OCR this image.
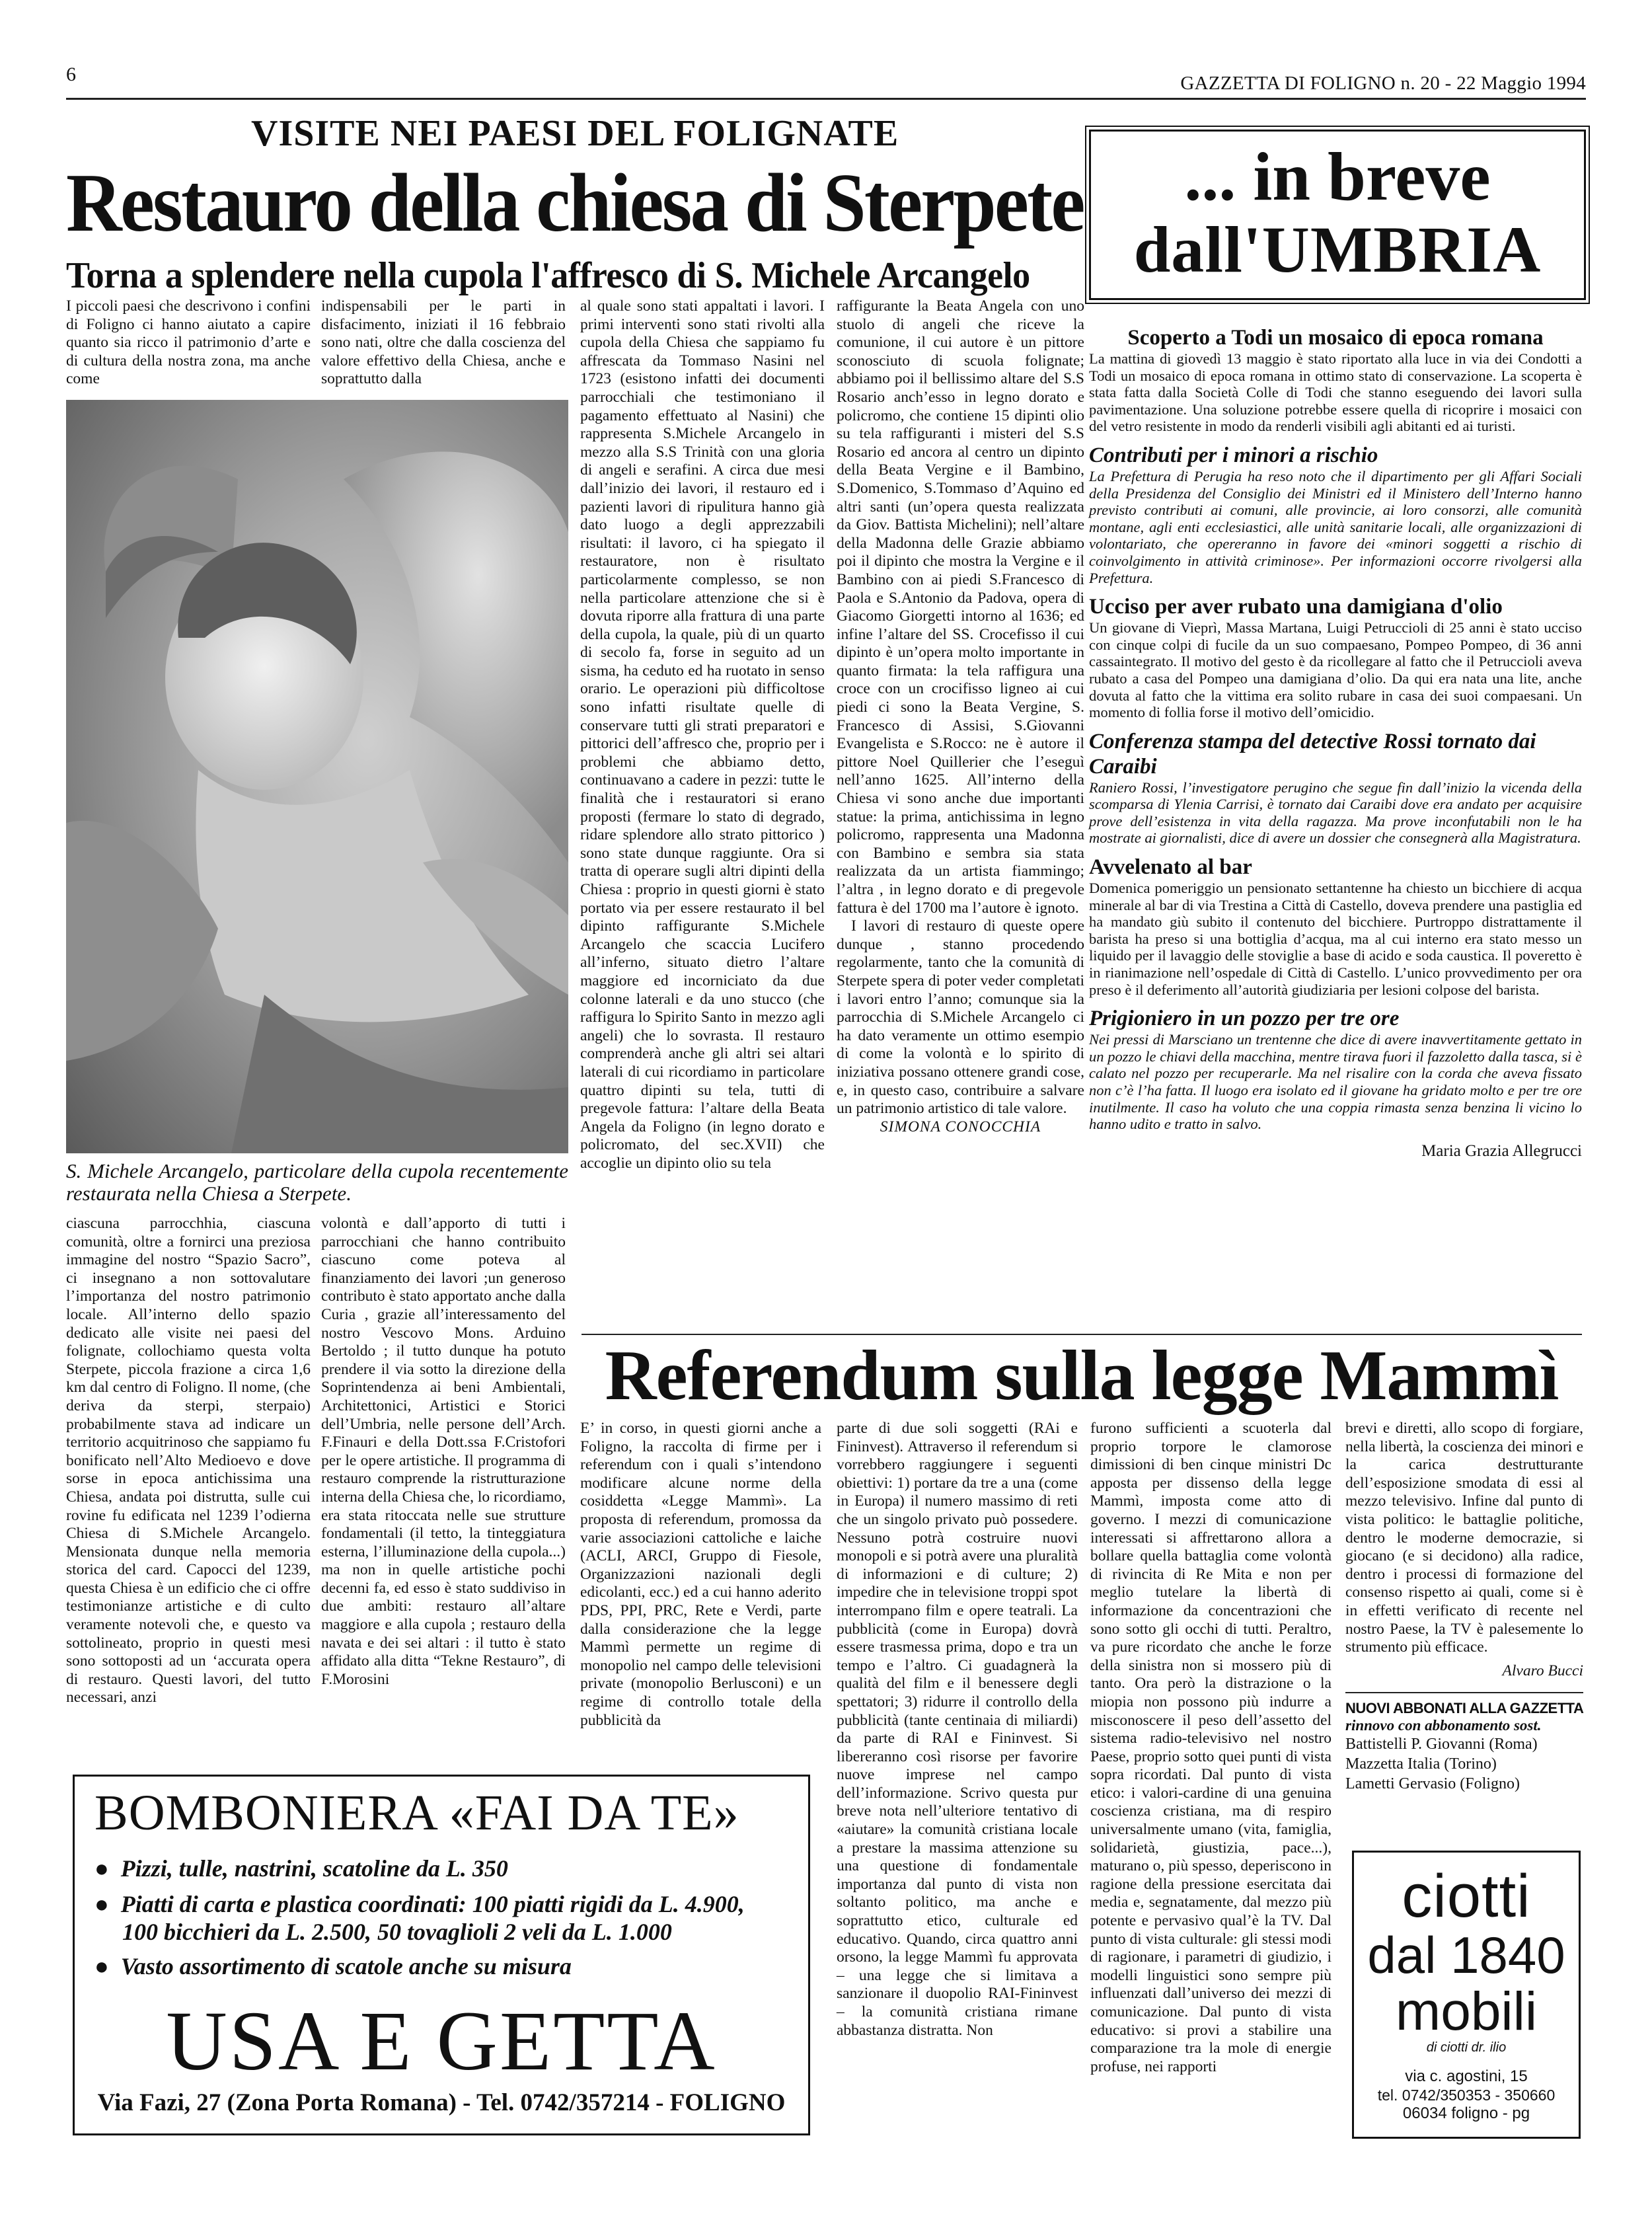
6	GAZZETTA DI FOLIGNO n. 20 - 22 Maggio 1994
VISITE NEI PAESI DEL FOLIGNATE
Restauro della chiesa di Sterpete
Torna a splendere nella cupola l'affresco di S. Michele Arcangelo

I piccoli paesi che descrivono i confini di Foligno ci hanno aiutato a capire quanto sia ricco il patrimonio d’arte e di cultura della nostra zona, ma anche come

indispensabili per le parti in disfacimento, iniziati il 16 febbraio sono nati, oltre che dalla coscienza del valore effettivo della Chiesa, anche e soprattutto dalla

S. Michele Arcangelo, particolare della cupola recentemente restaurata nella Chiesa a Sterpete.

ciascuna parrocchhia, ciascuna comunità, oltre a fornirci una preziosa immagine del nostro “Spazio Sacro”, ci insegnano a non sottovalutare l’importanza del nostro patrimonio locale. All’interno dello spazio dedicato alle visite nei paesi del folignate, collochiamo questa volta Sterpete, piccola frazione a circa 1,6 km dal centro di Foligno. Il nome, (che deriva da sterpi, sterpaio) probabilmente stava ad indicare un territorio acquitrinoso che sappiamo fu bonificato nell’Alto Medioevo e dove sorse in epoca antichissima una Chiesa, andata poi distrutta, sulle cui rovine fu edificata nel 1239 l’odierna Chiesa di S.Michele Arcangelo. Mensionata dunque nella memoria storica del card. Capocci del 1239, questa Chiesa è un edificio che ci offre testimonianze artistiche e di culto veramente notevoli che, e questo va sottolineato, proprio in questi mesi sono sottoposti ad un ‘accurata opera di restauro. Questi lavori, del tutto necessari, anzi

volontà e dall’apporto di tutti i parrocchiani che hanno contribuito ciascuno come poteva al finanziamento dei lavori ;un generoso contributo è stato apportato anche dalla Curia , grazie all’interessamento del nostro Vescovo Mons. Arduino Bertoldo ; il tutto dunque ha potuto prendere il via sotto la direzione della Soprintendenza ai beni Ambientali, Architettonici, Artistici e Storici dell’Umbria, nelle persone dell’Arch. F.Finauri e della Dott.ssa F.Cristofori per le opere artistiche. Il programma di restauro comprende la ristrutturazione interna della Chiesa che, lo ricordiamo, era stata ritoccata nelle sue strutture fondamentali (il tetto, la tinteggiatura esterna, l’illuminazione della cupola...) ma non in quelle artistiche pochi decenni fa, ed esso è stato suddiviso in due ambiti: restauro all’altare maggiore e alla cupola ; restauro della navata e dei sei altari : il tutto è stato affidato alla ditta “Tekne Restauro”, di F.Morosini

al quale sono stati appaltati i lavori. I primi interventi sono stati rivolti alla cupola della Chiesa che sappiamo fu affrescata da Tommaso Nasini nel 1723 (esistono infatti dei documenti parrocchiali che testimoniano il pagamento effettuato al Nasini) che rappresenta S.Michele Arcangelo in mezzo alla S.S Trinità con una gloria di angeli e serafini. A circa due mesi dall’inizio dei lavori, il restauro ed i pazienti lavori di ripulitura hanno già dato luogo a degli apprezzabili risultati: il lavoro, ci ha spiegato il restauratore, non è risultato particolarmente complesso, se non nella particolare attenzione che si è dovuta riporre alla frattura di una parte della cupola, la quale, più di un quarto di secolo fa, forse in seguito ad un sisma, ha ceduto ed ha ruotato in senso orario. Le operazioni più difficoltose sono infatti risultate quelle di conservare tutti gli strati preparatori e pittorici dell’affresco che, proprio per i problemi che abbiamo detto, continuavano a cadere in pezzi: tutte le finalità che i restauratori si erano proposti (fermare lo stato di degrado, ridare splendore allo strato pittorico ) sono state dunque raggiunte. Ora si tratta di operare sugli altri dipinti della Chiesa : proprio in questi giorni è stato portato via per essere restaurato il bel dipinto raffigurante S.Michele Arcangelo che scaccia Lucifero all’inferno, situato dietro l’altare maggiore ed incorniciato da due colonne laterali e da uno stucco (che raffigura lo Spirito Santo in mezzo agli angeli) che lo sovrasta. Il restauro comprenderà anche gli altri sei altari laterali di cui ricordiamo in particolare quattro dipinti su tela, tutti di pregevole fattura: l’altare della Beata Angela da Foligno (in legno dorato e policromato, del sec.XVII) che accoglie un dipinto olio su tela

raffigurante la Beata Angela con uno stuolo di angeli che riceve la comunione, il cui autore è un pittore sconosciuto di scuola folignate; abbiamo poi il bellissimo altare del S.S Rosario anch’esso in legno dorato e policromo, che contiene 15 dipinti olio su tela raffiguranti i misteri del S.S Rosario ed ancora al centro un dipinto della Beata Vergine e il Bambino, S.Domenico, S.Tommaso d’Aquino ed altri santi (un’opera questa realizzata da Giov. Battista Michelini); nell’altare della Madonna delle Grazie abbiamo poi il dipinto che mostra la Vergine e il Bambino con ai piedi S.Francesco di Paola e S.Antonio da Padova, opera di Giacomo Giorgetti intorno al 1636; ed infine l’altare del SS. Crocefisso il cui dipinto è un’opera molto importante in quanto firmata: la tela raffigura una croce con un crocifisso ligneo ai cui piedi ci sono la Beata Vergine, S. Francesco di Assisi, S.Giovanni Evangelista e S.Rocco: ne è autore il pittore Noel Quillerier che l’eseguì nell’anno 1625. All’interno della Chiesa vi sono anche due importanti statue: la prima, antichissima in legno policromo, rappresenta una Madonna con Bambino e sembra sia stata realizzata da un artista fiammingo; l’altra , in legno dorato e di pregevole fattura è del 1700 ma l’autore è ignoto.

I lavori di restauro di queste opere dunque , stanno procedendo regolarmente, tanto che la comunità di Sterpete spera di poter veder completati i lavori entro l’anno; comunque sia la parrocchia di S.Michele Arcangelo ci ha dato veramente un ottimo esempio di come la volontà e lo spirito di iniziativa possano ottenere grandi cose, e, in questo caso, contribuire a salvare un patrimonio artistico di tale valore.

SIMONA CONOCCHIA

... in breve
dall'UMBRIA
Scoperto a Todi un mosaico di epoca romana

La mattina di giovedì 13 maggio è stato riportato alla luce in via dei Condotti a Todi un mosaico di epoca romana in ottimo stato di conservazione. La scoperta è stata fatta dalla Società Colle di Todi che stanno eseguendo dei lavori sulla pavimentazione. Una soluzione potrebbe essere quella di ricoprire i mosaici con del vetro resistente in modo da renderli visibili agli abitanti ed ai turisti.

Contributi per i minori a rischio

La Prefettura di Perugia ha reso noto che il dipartimento per gli Affari Sociali della Presidenza del Consiglio dei Ministri ed il Ministero dell’Interno hanno previsto contributi ai comuni, alle provincie, ai loro consorzi, alle comunità montane, agli enti ecclesiastici, alle unità sanitarie locali, alle organizzazioni di volontariato, che opereranno in favore dei «minori soggetti a rischio di coinvolgimento in attività criminose». Per informazioni occorre rivolgersi alla Prefettura.

Ucciso per aver rubato una damigiana d'olio

Un giovane di Vieprì, Massa Martana, Luigi Petruccioli di 25 anni è stato ucciso con cinque colpi di fucile da un suo compaesano, Pompeo Pompeo, di 36 anni cassaintegrato. Il motivo del gesto è da ricollegare al fatto che il Petruccioli aveva rubato a casa del Pompeo una damigiana d’olio. Da qui era nata una lite, anche dovuta al fatto che la vittima era solito rubare in casa dei suoi compaesani. Un momento di follia forse il motivo dell’omicidio.

Conferenza stampa del detective Rossi tornato dai Caraibi

Raniero Rossi, l’investigatore perugino che segue fin dall’inizio la vicenda della scomparsa di Ylenia Carrisi, è tornato dai Caraibi dove era andato per acquisire prove dell’esistenza in vita della ragazza. Ma prove inconfutabili non le ha mostrate ai giornalisti, dice di avere un dossier che consegnerà alla Magistratura.

Avvelenato al bar

Domenica pomeriggio un pensionato settantenne ha chiesto un bicchiere di acqua minerale al bar di via Trestina a Città di Castello, doveva prendere una pastiglia ed ha mandato giù subito il contenuto del bicchiere. Purtroppo distrattamente il barista ha preso si una bottiglia d’acqua, ma al cui interno era stato messo un liquido per il lavaggio delle stoviglie a base di acido e soda caustica. Il poveretto è in rianimazione nell’ospedale di Città di Castello. L’unico provvedimento per ora preso è il deferimento all’autorità giudiziaria per lesioni colpose del barista.

Prigioniero in un pozzo per tre ore

Nei pressi di Marsciano un trentenne che dice di avere inavvertitamente gettato in un pozzo le chiavi della macchina, mentre tirava fuori il fazzoletto dalla tasca, si è calato nel pozzo per recuperarle. Ma nel risalire con la corda che aveva fissato non c’è l’ha fatta. Il luogo era isolato ed il giovane ha gridato molto e per tre ore inutilmente. Il caso ha voluto che una coppia rimasta senza benzina li vicino lo hanno udito e tratto in salvo.

Maria Grazia Allegrucci
Referendum sulla legge Mammì

E’ in corso, in questi giorni anche a Foligno, la raccolta di firme per i referendum con i quali s’intendono modificare alcune norme della cosiddetta «Legge Mammì». La proposta di referendum, promossa da varie associazioni cattoliche e laiche (ACLI, ARCI, Gruppo di Fiesole, Organizzazioni nazionali degli edicolanti, ecc.) ed a cui hanno aderito PDS, PPI, PRC, Rete e Verdi, parte dalla considerazione che la legge Mammì permette un regime di monopolio nel campo delle televisioni private (monopolio Berlusconi) e un regime di controllo totale della pubblicità da

parte di due soli soggetti (RAi e Fininvest). Attraverso il referendum si vorrebbero raggiungere i seguenti obiettivi: 1) portare da tre a una (come in Europa) il numero massimo di reti che un singolo privato può possedere. Nessuno potrà costruire nuovi monopoli e si potrà avere una pluralità di informazioni e di culture; 2) impedire che in televisione troppi spot interrompano film e opere teatrali. La pubblicità (come in Europa) dovrà essere trasmessa prima, dopo e tra un tempo e l’altro. Ci guadagnerà la qualità del film e il benessere degli spettatori; 3) ridurre il controllo della pubblicità (tante centinaia di miliardi) da parte di RAI e Fininvest. Si libereranno così risorse per favorire nuove imprese nel campo dell’informazione. Scrivo questa pur breve nota nell’ulteriore tentativo di «aiutare» la comunità cristiana locale a prestare la massima attenzione su una questione di fondamentale importanza dal punto di vista non soltanto politico, ma anche e soprattutto etico, culturale ed educativo. Quando, circa quattro anni orsono, la legge Mammì fu approvata – una legge che si limitava a sanzionare il duopolio RAI-Fininvest – la comunità cristiana rimane abbastanza distratta. Non

furono sufficienti a scuoterla dal proprio torpore le clamorose dimissioni di ben cinque ministri Dc apposta per dissenso della legge Mammì, imposta come atto di governo. I mezzi di comunicazione interessati si affrettarono allora a bollare quella battaglia come volontà di rivincita di Re Mita e non per meglio tutelare la libertà di informazione da concentrazioni che sono sotto gli occhi di tutti. Peraltro, va pure ricordato che anche le forze della sinistra non si mossero più di tanto. Ora però la distrazione o la miopia non possono più indurre a misconoscere il peso dell’assetto del sistema radio-televisivo nel nostro Paese, proprio sotto quei punti di vista sopra ricordati. Dal punto di vista etico: i valori-cardine di una genuina coscienza cristiana, ma di respiro universalmente umano (vita, famiglia, solidarietà, giustizia, pace...), maturano o, più spesso, deperiscono in ragione della pressione esercitata dai media e, segnatamente, dal mezzo più potente e pervasivo qual’è la TV. Dal punto di vista culturale: gli stessi modi di ragionare, i parametri di giudizio, i modelli linguistici sono sempre più influenzati dall’universo dei mezzi di comunicazione. Dal punto di vista educativo: si provi a stabilire una comparazione tra la mole di energie profuse, nei rapporti

brevi e diretti, allo scopo di forgiare, nella libertà, la coscienza dei minori e la carica destrutturante dell’esposizione smodata di essi al mezzo televisivo. Infine dal punto di vista politico: le battaglie politiche, dentro le moderne democrazie, si giocano (e si decidono) alla radice, dentro i processi di formazione del consenso rispetto ai quali, come si è in effetti verificato di recente nel nostro Paese, la TV è palesemente lo strumento più efficace.

Alvaro Bucci

NUOVI ABBONATI ALLA GAZZETTA
rinnovo con abbonamento sost.
Battistelli P. Giovanni (Roma)
Mazzetta Italia (Torino)
Lametti Gervasio (Foligno)
ciotti
dal 1840
mobili
di ciotti dr. ilio
via c. agostini, 15
tel. 0742/350353 - 350660
06034 foligno - pg
BOMBONIERA «FAI DA TE»
● Pizzi, tulle, nastrini, scatoline da L. 350
● Piatti di carta e plastica coordinati: 100 piatti rigidi da L. 4.900,
100 bicchieri da L. 2.500, 50 tovaglioli 2 veli da L. 1.000
● Vasto assortimento di scatole anche su misura
USA E GETTA
Via Fazi, 27 (Zona Porta Romana) - Tel. 0742/357214 - FOLIGNO
